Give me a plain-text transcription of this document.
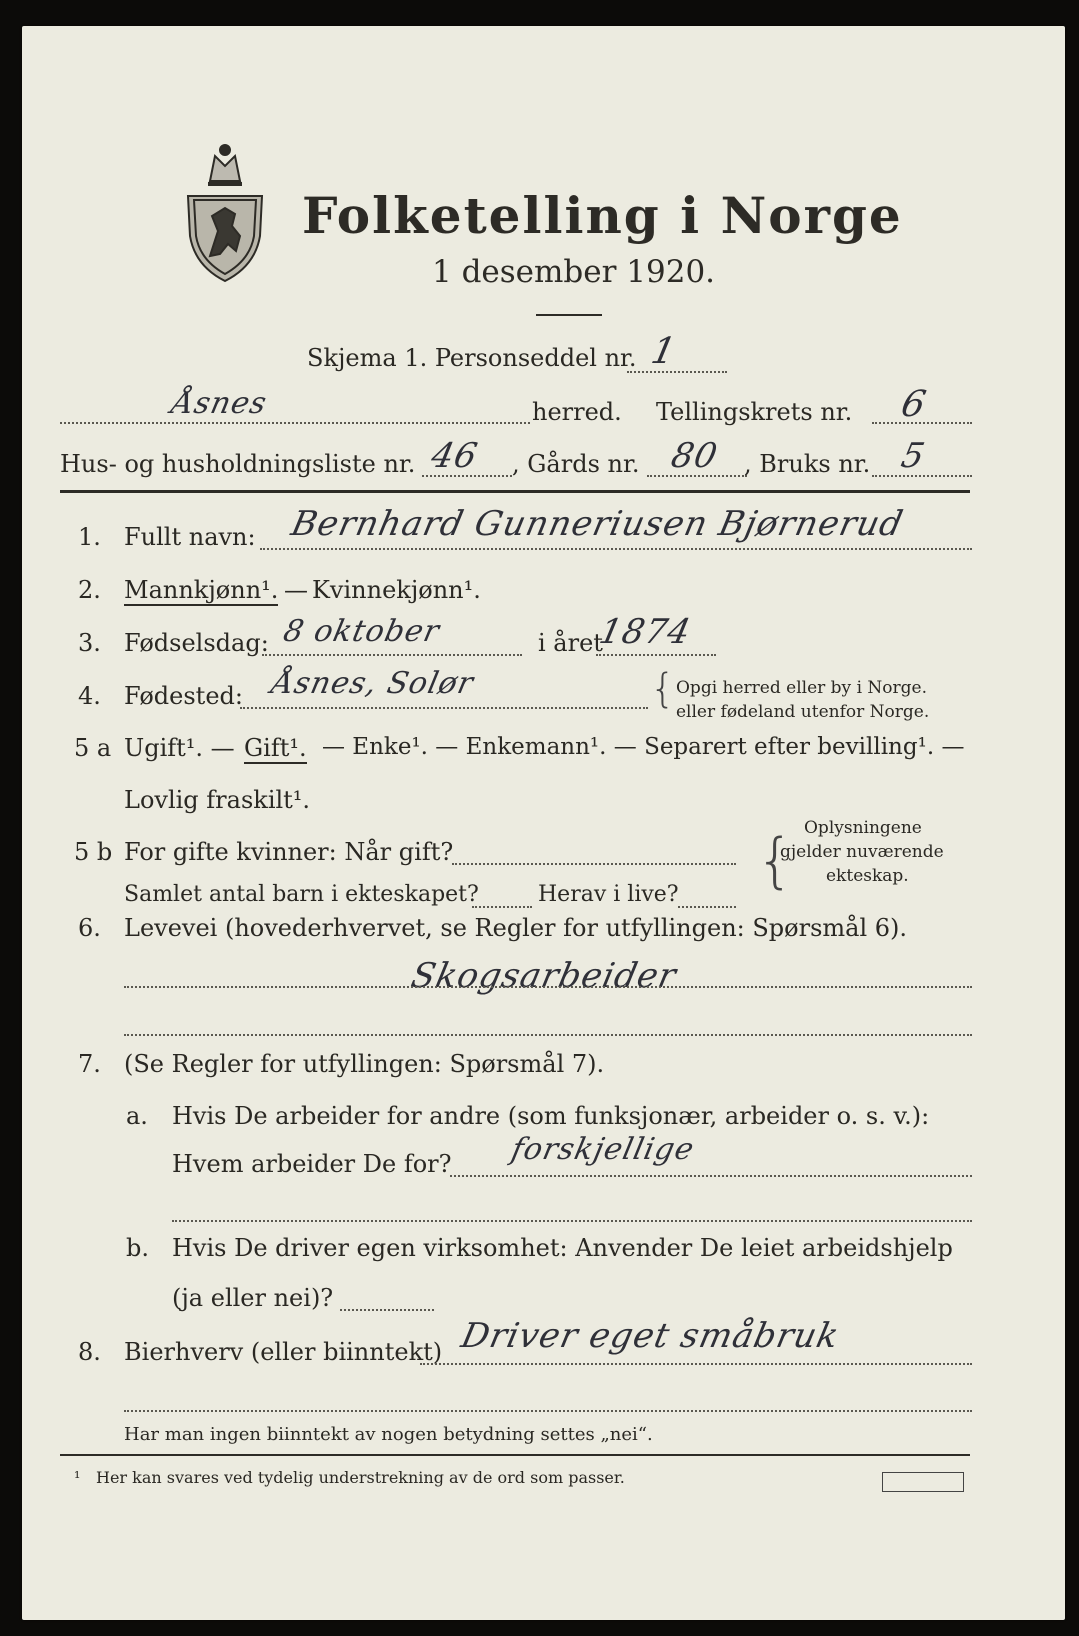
Folketelling i Norge
1 desember 1920.
Skjema 1. Personseddel nr. 1
Åsnes	herred. Tellingskrets nr. 6
Hus- og husholdningsliste nr. 46 , Gårds nr. 80 , Bruks nr. 5
1. Fullt navn: Bernhard Gunneriusen Bjørnerud
2. Mannkjønn¹. — Kvinnekjønn¹.
3. Fødselsdag: 8 oktober	i året
1874
4. Fødested: Åsnes, Solør	{ Opgi herred eller by i Norge.
eller fødeland utenfor Norge.
5 a Ugift¹. — Gift¹. — Enke¹. — Enkemann¹. — Separert efter bevilling¹. —
Lovlig fraskilt¹.
5 b For gifte kvinner: Når gift?
Samlet antal barn i ekteskapet?	Herav i live? { Oplysningene
gjelder nuværende
ekteskap.
6. Levevei (hovederhvervet, se Regler for utfyllingen: Spørsmål 6).
Skogsarbeider
7. (Se Regler for utfyllingen: Spørsmål 7).
a. Hvis De arbeider for andre (som funksjonær, arbeider o. s. v.):
Hvem arbeider De for? forskjellige
b. Hvis De driver egen virksomhet: Anvender De leiet arbeidshjelp
(ja eller nei)?
8. Bierhverv (eller biinntekt) Driver eget småbruk
Har man ingen biinntekt av nogen betydning settes „nei“.
¹ Her kan svares ved tydelig understrekning av de ord som passer.
